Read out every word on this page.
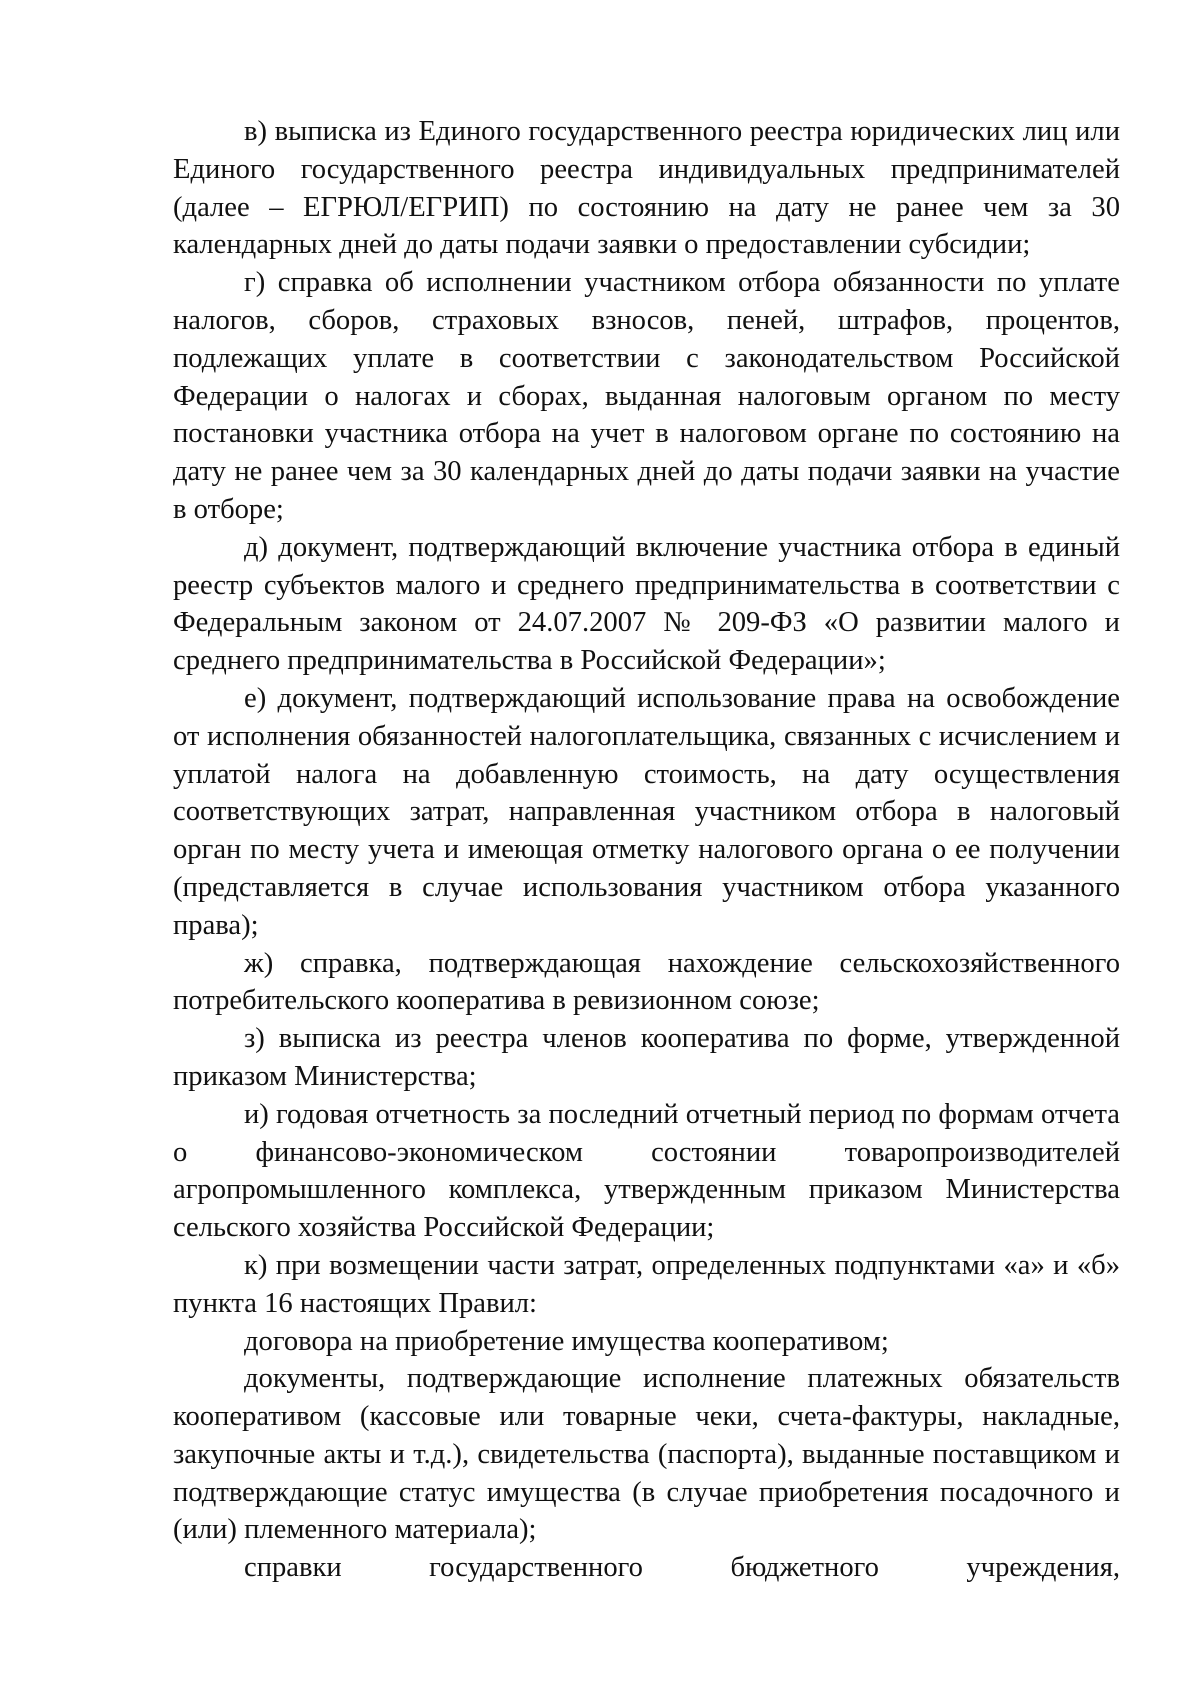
в) выписка из Единого государственного реестра юридических лиц или Единого государственного реестра индивидуальных предпринимателей (далее – ЕГРЮЛ/ЕГРИП) по состоянию на дату не ранее чем за 30 календарных дней до даты подачи заявки о предоставлении субсидии;

г) справка об исполнении участником отбора обязанности по уплате налогов, сборов, страховых взносов, пеней, штрафов, процентов, подлежащих уплате в соответствии с законодательством Российской Федерации о налогах и сборах, выданная налоговым органом по месту постановки участника отбора на учет в налоговом органе по состоянию на дату не ранее чем за 30 календарных дней до даты подачи заявки на участие в отборе;

д) документ, подтверждающий включение участника отбора в единый реестр субъектов малого и среднего предпринимательства в соответствии с Федеральным законом от 24.07.2007 № 209-ФЗ «О развитии малого и среднего предпринимательства в Российской Федерации»;

е) документ, подтверждающий использование права на освобождение от исполнения обязанностей налогоплательщика, связанных с исчислением и уплатой налога на добавленную стоимость, на дату осуществления соответствующих затрат, направленная участником отбора в налоговый орган по месту учета и имеющая отметку налогового органа о ее получении (представляется в случае использования участником отбора указанного права);

ж) справка, подтверждающая нахождение сельскохозяйственного потребительского кооператива в ревизионном союзе;

з) выписка из реестра членов кооператива по форме, утвержденной приказом Министерства;

и) годовая отчетность за последний отчетный период по формам отчета о финансово-экономическом состоянии товаропроизводителей агропромышленного комплекса, утвержденным приказом Министерства сельского хозяйства Российской Федерации;

к) при возмещении части затрат, определенных подпунктами «а» и «б» пункта 16 настоящих Правил:

договора на приобретение имущества кооперативом;

документы, подтверждающие исполнение платежных обязательств кооперативом (кассовые или товарные чеки, счета-фактуры, накладные, закупочные акты и т.д.), свидетельства (паспорта), выданные поставщиком и подтверждающие статус имущества (в случае приобретения посадочного и (или) племенного материала);

справки государственного бюджетного учреждения,
